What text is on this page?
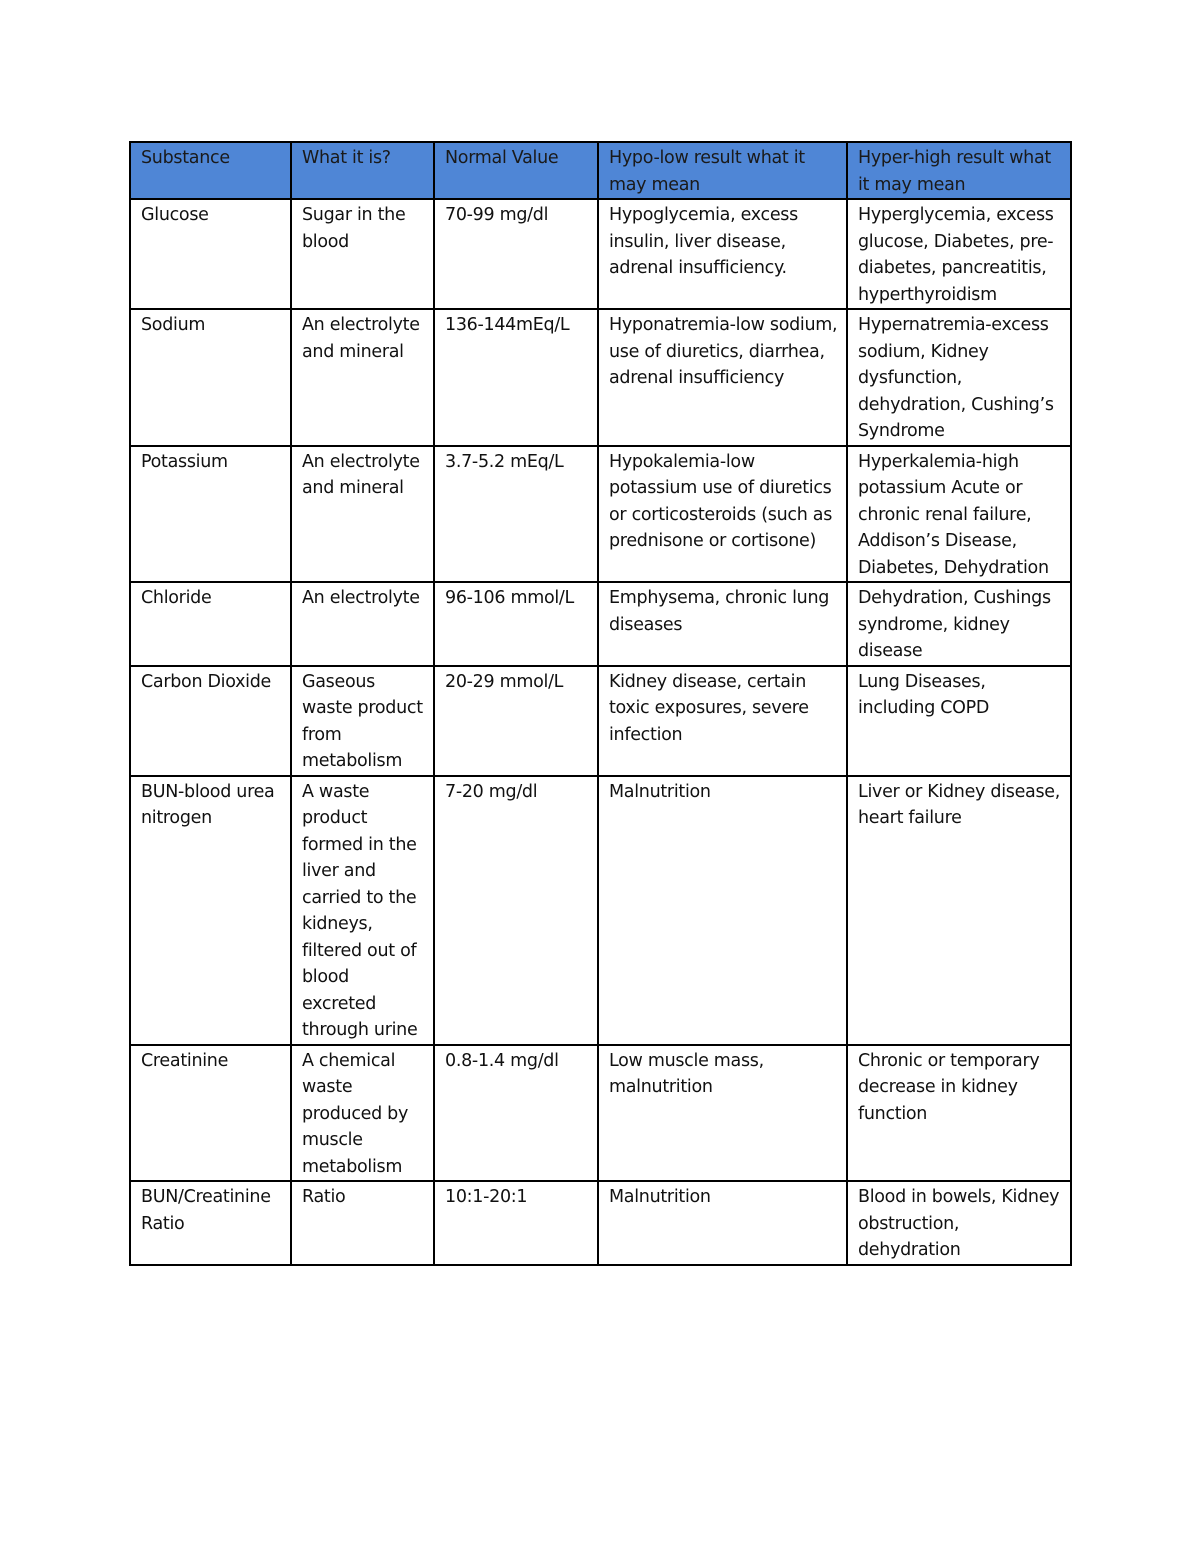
Substance	What it is?	Normal Value	Hypo-low result what it may mean	Hyper-high result what it may mean
Glucose	Sugar in the blood	70-99 mg/dl	Hypoglycemia, excess insulin, liver disease, adrenal insufficiency.	Hyperglycemia, excess glucose, Diabetes, pre-diabetes, pancreatitis, hyperthyroidism
Sodium	An electrolyte and mineral	136-144mEq/L	Hyponatremia-low sodium, use of diuretics, diarrhea, adrenal insufficiency	Hypernatremia-excess sodium, Kidney dysfunction, dehydration, Cushing’s Syndrome
Potassium	An electrolyte and mineral	3.7-5.2 mEq/L	Hypokalemia-low potassium use of diuretics or corticosteroids (such as prednisone or cortisone)	Hyperkalemia-high potassium Acute or chronic renal failure, Addison’s Disease, Diabetes, Dehydration
Chloride	An electrolyte	96-106 mmol/L	Emphysema, chronic lung diseases	Dehydration, Cushings syndrome, kidney disease
Carbon Dioxide	Gaseous waste product from metabolism	20-29 mmol/L	Kidney disease, certain toxic exposures, severe infection	Lung Diseases, including COPD
BUN-blood urea nitrogen	A waste product formed in the liver and carried to the kidneys, filtered out of blood excreted through urine	7-20 mg/dl	Malnutrition	Liver or Kidney disease, heart failure
Creatinine	A chemical waste produced by muscle metabolism	0.8-1.4 mg/dl	Low muscle mass, malnutrition	Chronic or temporary decrease in kidney function
BUN/Creatinine Ratio	Ratio	10:1-20:1	Malnutrition	Blood in bowels, Kidney obstruction, dehydration
